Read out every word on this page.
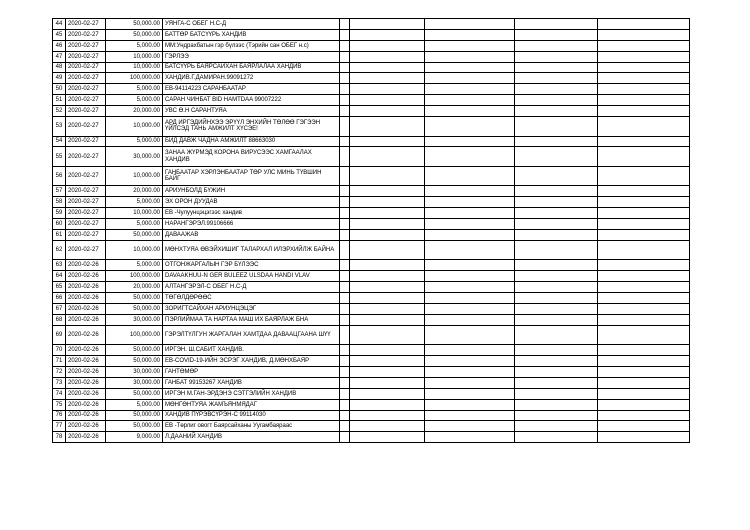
44	2020-02-27	50,000.00	УЯНГА-С ОБЕГ Н.С-Д					
45	2020-02-27	50,000.00	БАТТӨР БАТСҮҮРЬ ХАНДИВ					
46	2020-02-27	5,000.00	ММ:Ундрахбатын гэр бүлээс (Тэрийн сан ОБЕГ н.с)					
47	2020-02-27	10,000.00	ГЭРЛЭЭ					
48	2020-02-27	10,000.00	БАТСҮҮРЬ БАЯРСАЙХАН БАЯРЛАЛАА ХАНДИВ					
49	2020-02-27	100,000.00	ХАНДИВ.Г.ДАМИРАН.99091272					
50	2020-02-27	5,000.00	ЕВ-94114223 САРАНБААТАР					
51	2020-02-27	5,000.00	САРАН ЧИНБАТ BID HAMTDAA 99007222					
52	2020-02-27	20,000.00	УВС Ө.Н САРАНТУЯА					
53	2020-02-27	10,000.00	АРД ИРГЭДИЙНХЭЭ ЭРҮҮЛ ЭНХИЙН ТӨЛӨӨ ГЭГЭЭН ҮЙЛСЭД ТАНЬ АМЖИЛТ ХҮСЭЕ!					
54	2020-02-27	5,000.00	БИД ДАВЖ ЧАДНА АМЖИЛТ 88663030					
55	2020-02-27	30,000.00	ЗАНАА ЖҮРМЭД КОРОНА ВИРУСЭЭС ХАМГААЛАХ ХАНДИВ					
56	2020-02-27	10,000.00	ГАНБААТАР ХЭРЛЭНБААТАР ТӨР УЛС МИНЬ ТҮВШИН БАЙГ					
57	2020-02-27	20,000.00	АРИУНБОЛД БҮЖИН					
58	2020-02-27	5,000.00	ЭХ ОРОН ДУУДАВ					
59	2020-02-27	10,000.00	ЕВ -Чулуунцэцэгээс хандив					
60	2020-02-27	5,000.00	НАРАНГЭРЭЛ.99106666					
61	2020-02-27	50,000.00	ДАВААЖАВ					
62	2020-02-27	10,000.00	МӨНХТУЯА ӨВЭЙХИШИГ ТАЛАРХАЛ ИЛЭРХИЙЛЖ БАЙНА					
63	2020-02-26	5,000.00	ОТГОНЖАРГАЛЫН ГЭР БҮЛЭЭС					
64	2020-02-26	100,000.00	DAVAAKHUU-N GER BULEEZ ULSDAA HANDI VLAV					
65	2020-02-26	20,000.00	АЛТАНГЭРЭЛ-С ОБЕГ Н.С-Д					
66	2020-02-26	50,000.00	ТӨГӨЛДӨРӨӨС					
67	2020-02-26	50,000.00	ЗОРИГТСАЙХАН АРИУНЦЭЦЭГ					
68	2020-02-26	30,000.00	ПЭРЛИЙМАА ТА НАРТАА МАШ ИХ БАЯРЛАЖ БНА					
69	2020-02-26	100,000.00	ГЭРЭЛТҮЛГУН ЖАРГАЛАН ХАМТДАА ДАВААЦГААНА ШҮҮ					
70	2020-02-26	50,000.00	ИРГЭН. Ш.САБИТ ХАНДИВ.					
71	2020-02-26	50,000.00	ЕВ-COVID-19-ИЙН ЭСРЭГ ХАНДИВ, Д.МӨНХБАЯР					
72	2020-02-26	30,000.00	ГАНТӨМӨР					
73	2020-02-26	30,000.00	ГАНБАТ 99153267 ХАНДИВ					
74	2020-02-26	50,000.00	ИРГЭН М.ГАН-ЭРДЭНЭ СЭТГЭЛИЙН ХАНДИВ					
75	2020-02-26	5,000.00	МӨНГӨНТУЯА ЖАМЪЯНМЯДАГ					
76	2020-02-26	50,000.00	ХАНДИВ ПҮРЭВСҮРЭН-С 99114030					
77	2020-02-26	50,000.00	ЕВ -Төрлиг овогт Баярсайханы Уугамбаярaас					
78	2020-02-26	9,000.00	Л.ДААНИЙ ХАНДИВ					
